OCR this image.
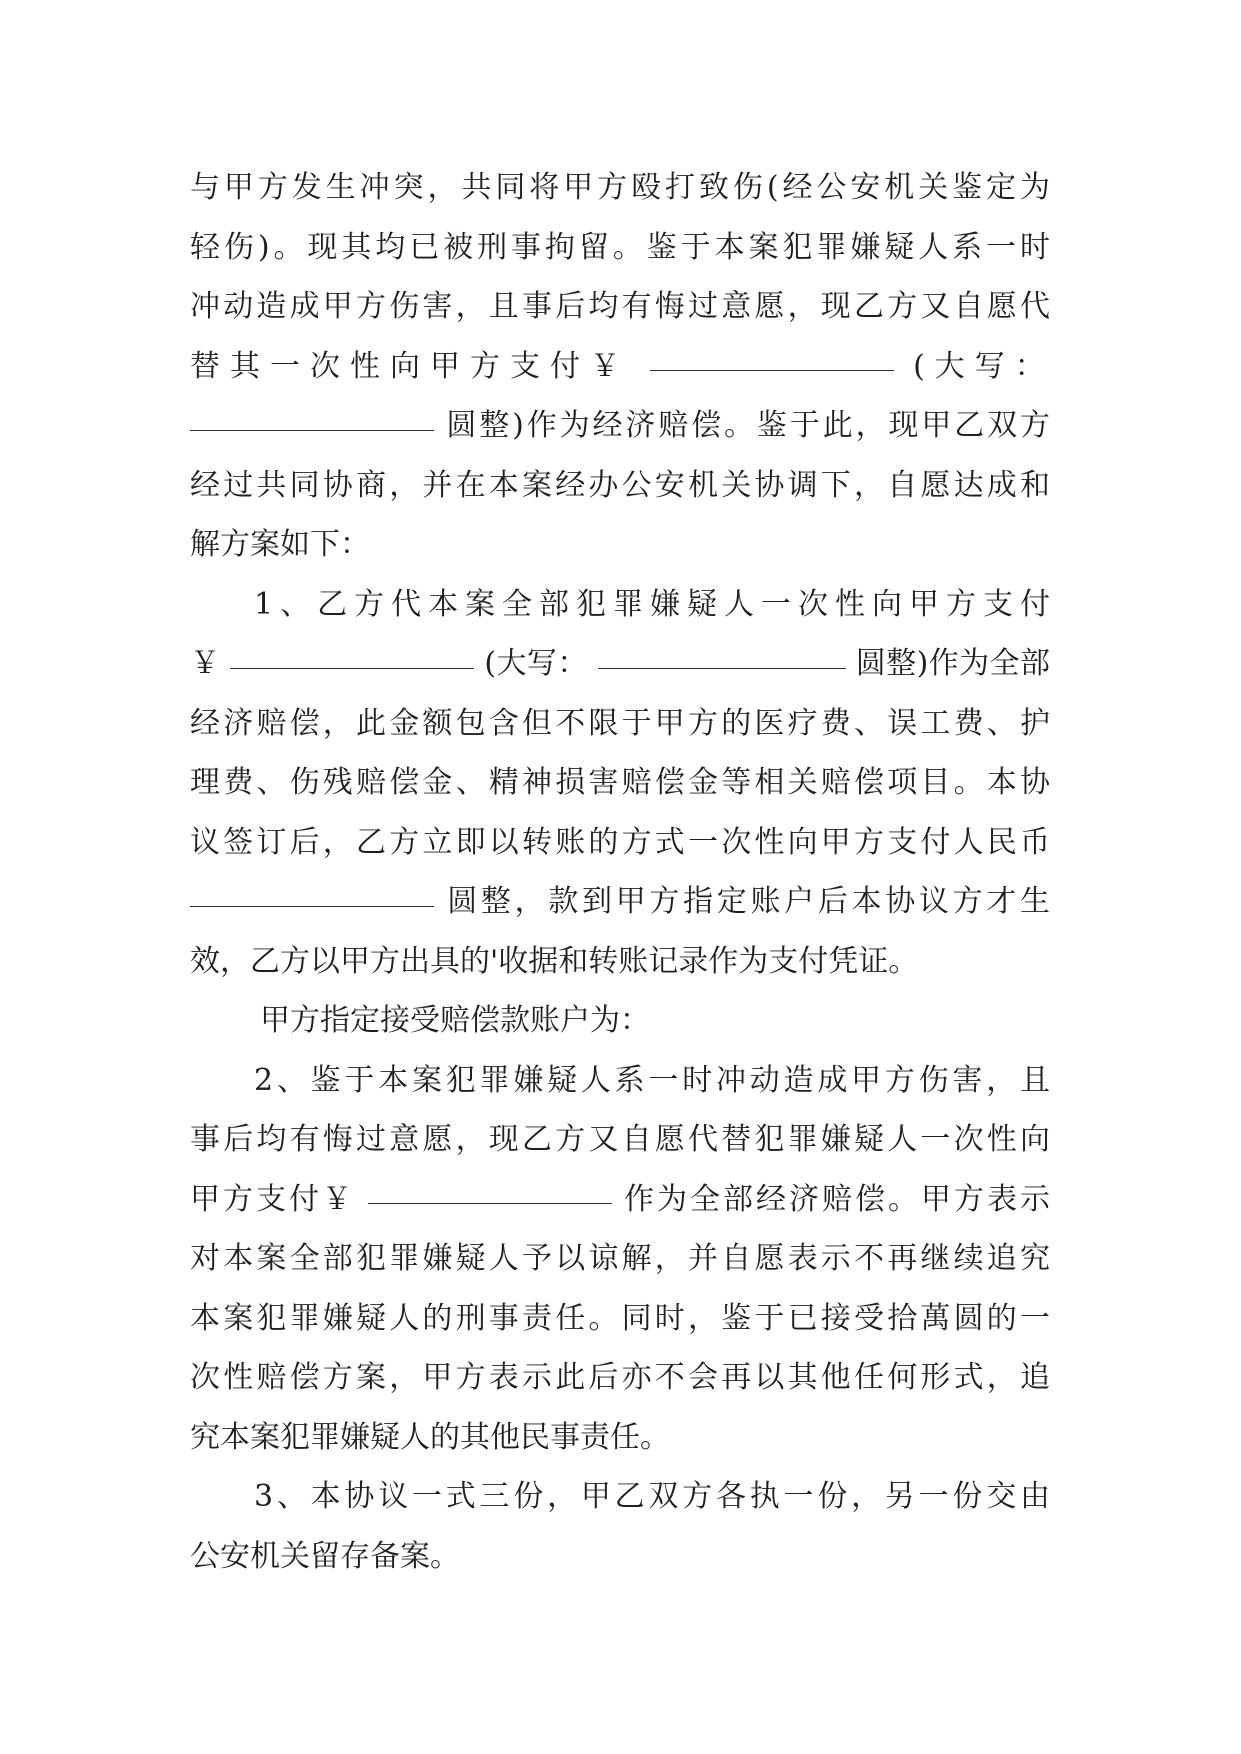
与甲方发生冲突，共同将甲方殴打致伤(经公安机关鉴定为
轻伤)。现其均已被刑事拘留。鉴于本案犯罪嫌疑人系一时
冲动造成甲方伤害，且事后均有悔过意愿，现乙方又自愿代
替其一次性向甲方支付￥	(大写：
圆整)作为经济赔偿。鉴于此，现甲乙双方
经过共同协商，并在本案经办公安机关协调下，自愿达成和
解方案如下：
1、乙方代本案全部犯罪嫌疑人一次性向甲方支付
￥	(大写：	圆整)作为全部
经济赔偿，此金额包含但不限于甲方的医疗费、误工费、护
理费、伤残赔偿金、精神损害赔偿金等相关赔偿项目。本协
议签订后，乙方立即以转账的方式一次性向甲方支付人民币
圆整，款到甲方指定账户后本协议方才生
效，乙方以甲方出具的'收据和转账记录作为支付凭证。
甲方指定接受赔偿款账户为：
2、鉴于本案犯罪嫌疑人系一时冲动造成甲方伤害，且
事后均有悔过意愿，现乙方又自愿代替犯罪嫌疑人一次性向
甲方支付￥	作为全部经济赔偿。甲方表示
对本案全部犯罪嫌疑人予以谅解，并自愿表示不再继续追究
本案犯罪嫌疑人的刑事责任。同时，鉴于已接受拾萬圆的一
次性赔偿方案，甲方表示此后亦不会再以其他任何形式，追
究本案犯罪嫌疑人的其他民事责任。
3、本协议一式三份，甲乙双方各执一份，另一份交由
公安机关留存备案。
